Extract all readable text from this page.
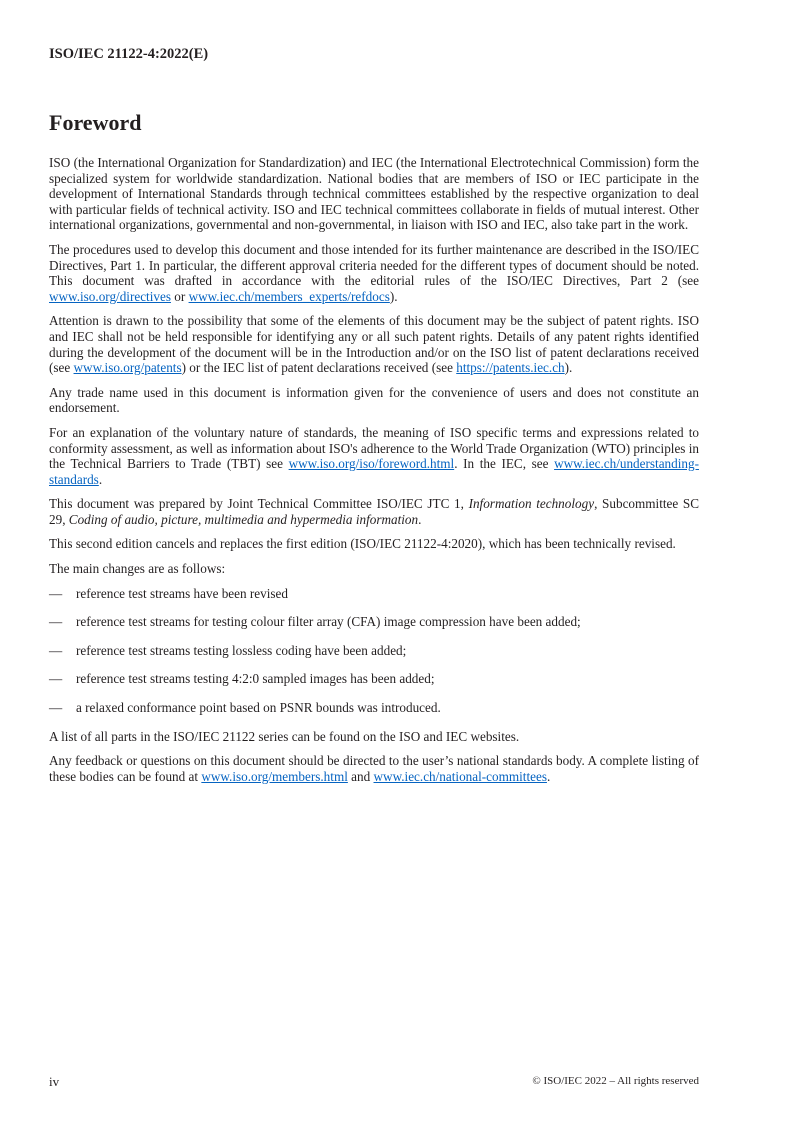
ISO/IEC 21122-4:2022(E)
Foreword
ISO (the International Organization for Standardization) and IEC (the International Electrotechnical Commission) form the specialized system for worldwide standardization. National bodies that are members of ISO or IEC participate in the development of International Standards through technical committees established by the respective organization to deal with particular fields of technical activity. ISO and IEC technical committees collaborate in fields of mutual interest. Other international organizations, governmental and non-governmental, in liaison with ISO and IEC, also take part in the work.
The procedures used to develop this document and those intended for its further maintenance are described in the ISO/IEC Directives, Part 1. In particular, the different approval criteria needed for the different types of document should be noted. This document was drafted in accordance with the editorial rules of the ISO/IEC Directives, Part 2 (see www.iso.org/directives or www.iec.ch/members_experts/refdocs).
Attention is drawn to the possibility that some of the elements of this document may be the subject of patent rights. ISO and IEC shall not be held responsible for identifying any or all such patent rights. Details of any patent rights identified during the development of the document will be in the Introduction and/or on the ISO list of patent declarations received (see www.iso.org/patents) or the IEC list of patent declarations received (see https://patents.iec.ch).
Any trade name used in this document is information given for the convenience of users and does not constitute an endorsement.
For an explanation of the voluntary nature of standards, the meaning of ISO specific terms and expressions related to conformity assessment, as well as information about ISO's adherence to the World Trade Organization (WTO) principles in the Technical Barriers to Trade (TBT) see www.iso.org/iso/foreword.html. In the IEC, see www.iec.ch/understanding-standards.
This document was prepared by Joint Technical Committee ISO/IEC JTC 1, Information technology, Subcommittee SC 29, Coding of audio, picture, multimedia and hypermedia information.
This second edition cancels and replaces the first edition (ISO/IEC 21122-4:2020), which has been technically revised.
The main changes are as follows:
— reference test streams have been revised
— reference test streams for testing colour filter array (CFA) image compression have been added;
— reference test streams testing lossless coding have been added;
— reference test streams testing 4:2:0 sampled images has been added;
— a relaxed conformance point based on PSNR bounds was introduced.
A list of all parts in the ISO/IEC 21122 series can be found on the ISO and IEC websites.
Any feedback or questions on this document should be directed to the user’s national standards body. A complete listing of these bodies can be found at www.iso.org/members.html and www.iec.ch/national-committees.
iv	© ISO/IEC 2022 – All rights reserved
